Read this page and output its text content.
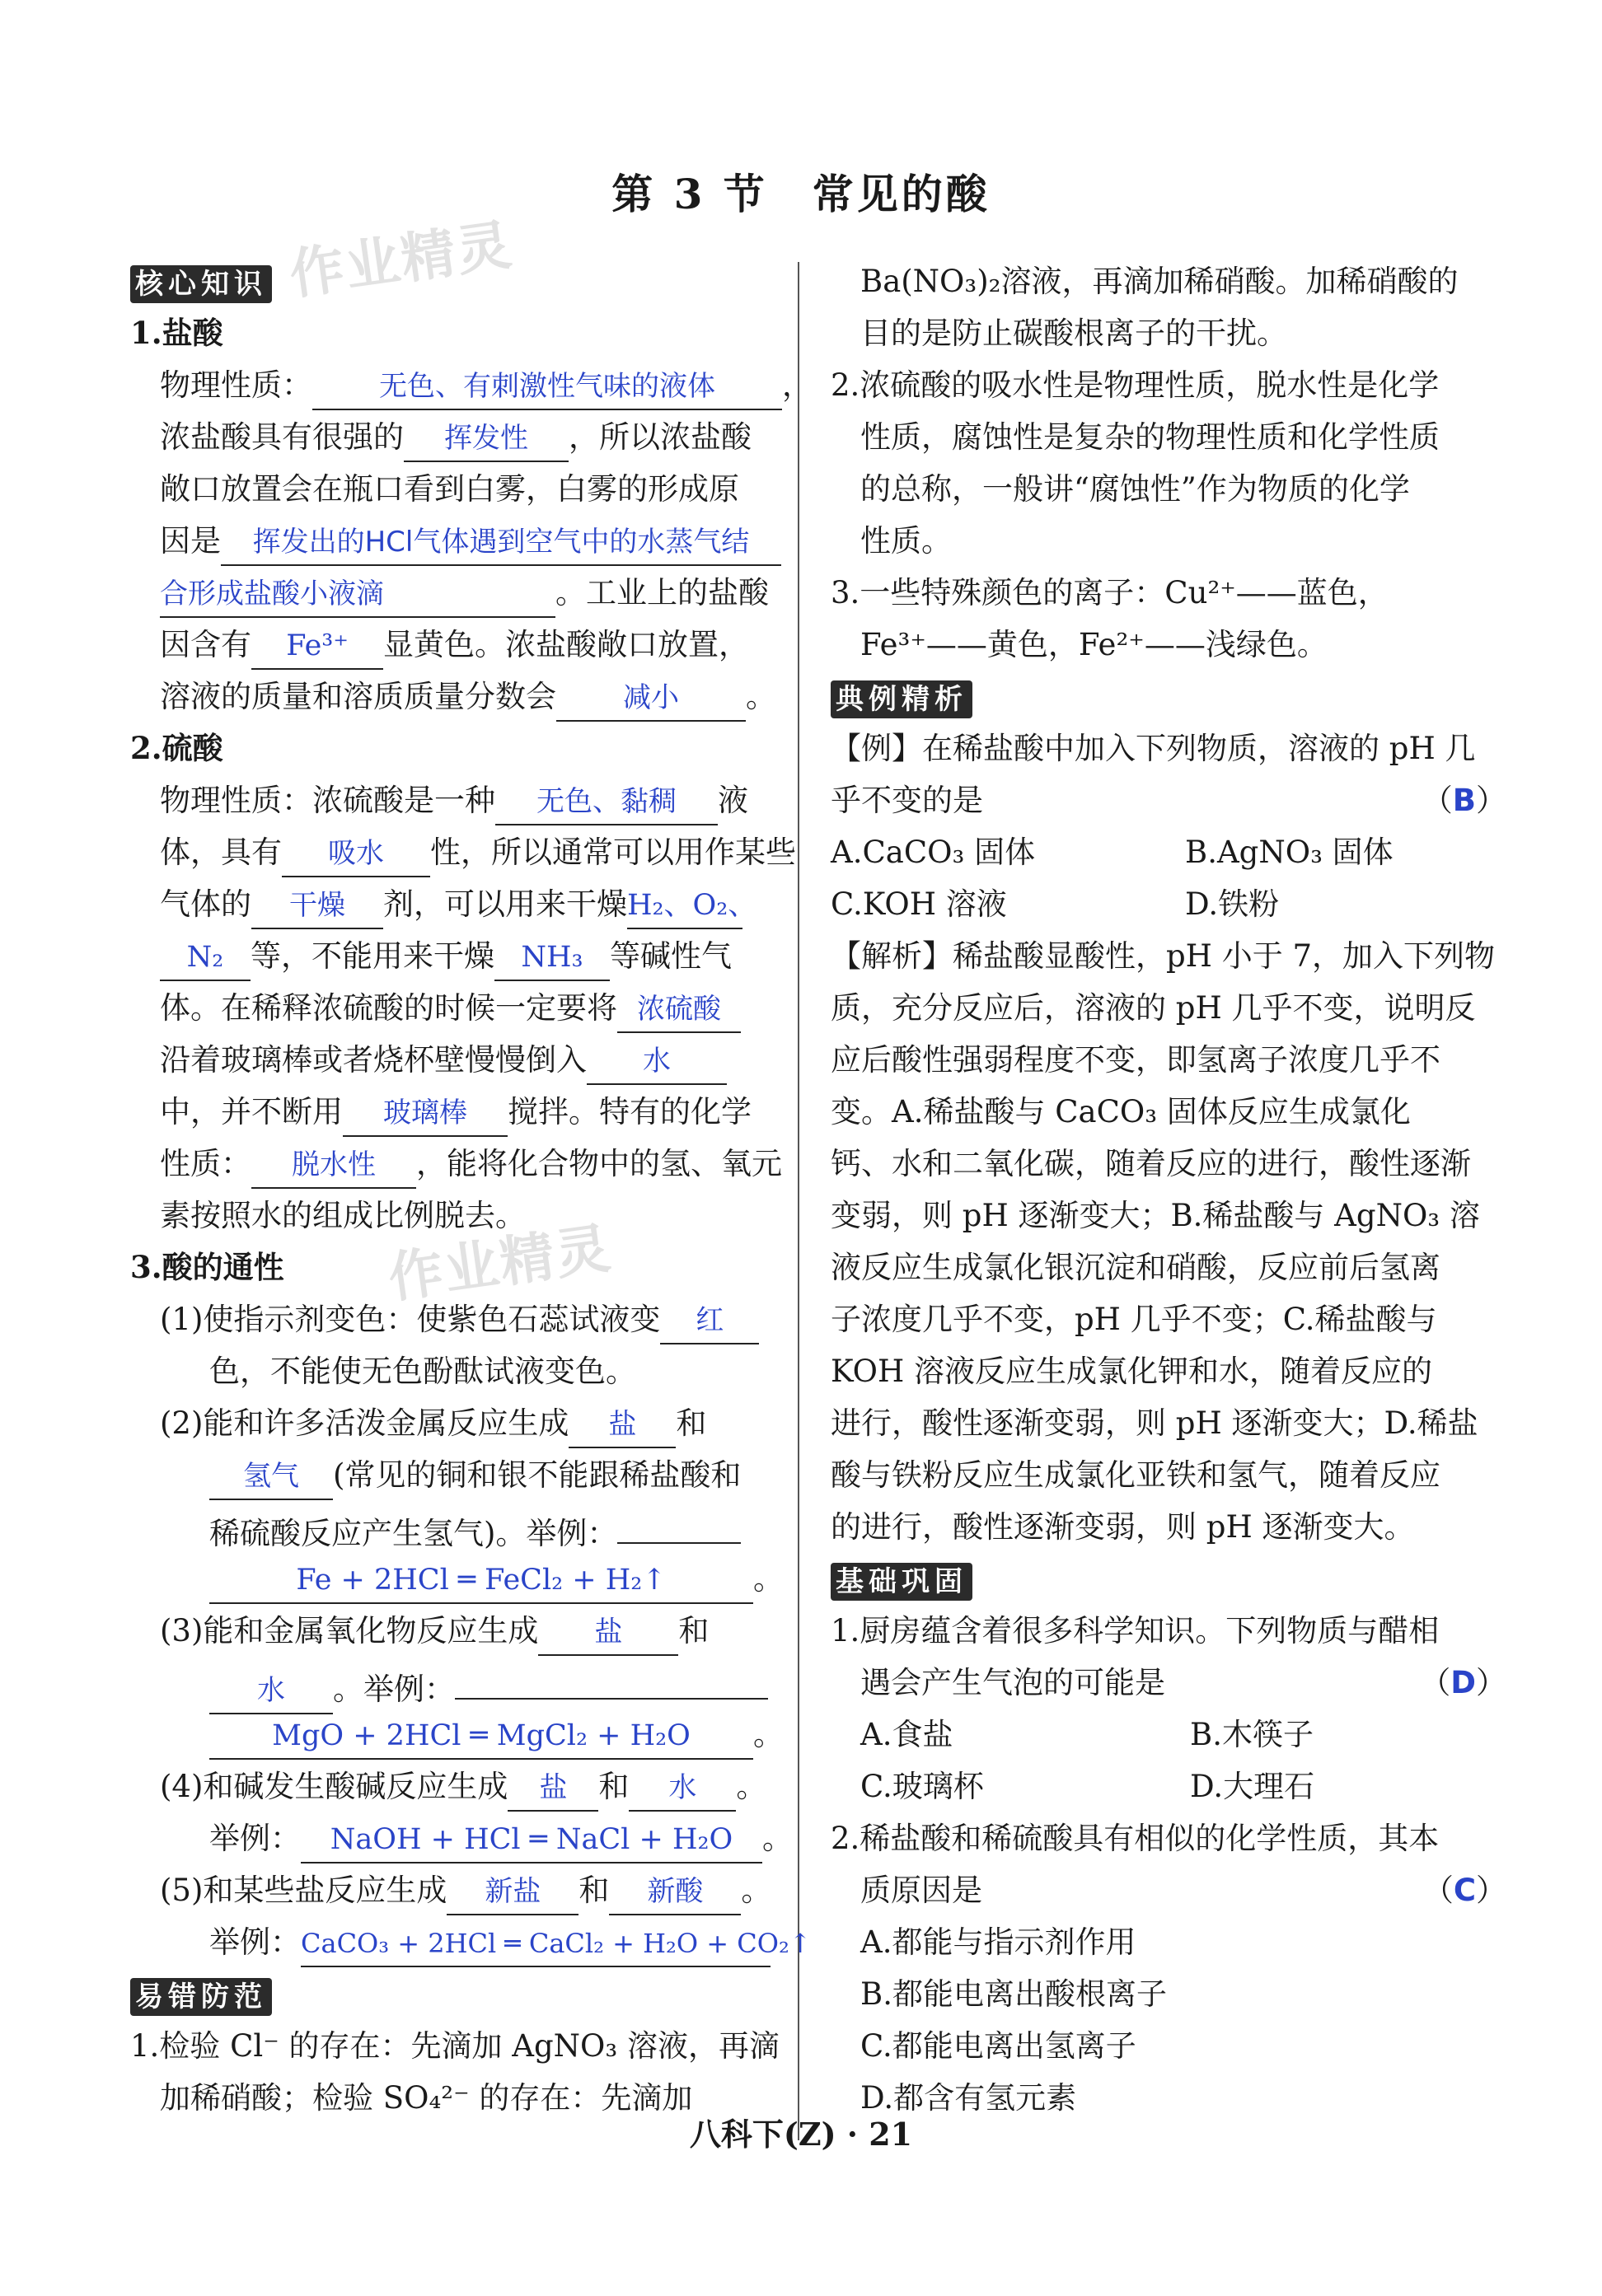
第 3 节　常见的酸
作业精灵
作业精灵
核心知识
1.盐酸
物理性质： 无色、有刺激性气味的液体 ，
浓盐酸具有很强的 挥发性 ，所以浓盐酸
敞口放置会在瓶口看到白雾，白雾的形成原
因是 挥发出的HCl气体遇到空气中的水蒸气结
合形成盐酸小液滴	。工业上的盐酸
因含有 Fe³⁺ 显黄色。浓盐酸敞口放置，
溶液的质量和溶质质量分数会 减小 。
2.硫酸
物理性质：浓硫酸是一种 无色、黏稠 液
体，具有 吸水 性，所以通常可以用作某些
气体的 干燥 剂，可以用来干燥H₂、O₂、
N₂ 等，不能用来干燥 NH₃ 等碱性气
体。在稀释浓硫酸的时候一定要将 浓硫酸
沿着玻璃棒或者烧杯壁慢慢倒入 水
中，并不断用 玻璃棒 搅拌。特有的化学
性质： 脱水性 ，能将化合物中的氢、氧元
素按照水的组成比例脱去。
3.酸的通性
(1)使指示剂变色：使紫色石蕊试液变 红
色，不能使无色酚酞试液变色。
(2)能和许多活泼金属反应生成 盐 和
氢气 (常见的铜和银不能跟稀盐酸和
稀硫酸反应产生氢气)。举例：
Fe + 2HCl ═ FeCl₂ + H₂↑	。
(3)能和金属氧化物反应生成 盐 和
水 。举例：
MgO + 2HCl ═ MgCl₂ + H₂O 。
(4)和碱发生酸碱反应生成 盐 和 水 。
举例： NaOH + HCl ═ NaCl + H₂O 。
(5)和某些盐反应生成 新盐 和 新酸 。
举例：CaCO₃ + 2HCl ═ CaCl₂ + H₂O + CO₂↑
易错防范
1.检验 Cl⁻ 的存在：先滴加 AgNO₃ 溶液，再滴
加稀硝酸；检验 SO₄²⁻ 的存在：先滴加
Ba(NO₃)₂溶液，再滴加稀硝酸。加稀硝酸的
目的是防止碳酸根离子的干扰。
2.浓硫酸的吸水性是物理性质，脱水性是化学
性质，腐蚀性是复杂的物理性质和化学性质
的总称，一般讲“腐蚀性”作为物质的化学
性质。
3.一些特殊颜色的离子：Cu²⁺——蓝色，
Fe³⁺——黄色，Fe²⁺——浅绿色。
典例精析
【例】在稀盐酸中加入下列物质，溶液的 pH 几
乎不变的是	（B）
A.CaCO₃ 固体	B.AgNO₃ 固体
C.KOH 溶液	D.铁粉
【解析】稀盐酸显酸性，pH 小于 7，加入下列物
质，充分反应后，溶液的 pH 几乎不变，说明反
应后酸性强弱程度不变，即氢离子浓度几乎不
变。A.稀盐酸与 CaCO₃ 固体反应生成氯化
钙、水和二氧化碳，随着反应的进行，酸性逐渐
变弱，则 pH 逐渐变大；B.稀盐酸与 AgNO₃ 溶
液反应生成氯化银沉淀和硝酸，反应前后氢离
子浓度几乎不变，pH 几乎不变；C.稀盐酸与
KOH 溶液反应生成氯化钾和水，随着反应的
进行，酸性逐渐变弱，则 pH 逐渐变大；D.稀盐
酸与铁粉反应生成氯化亚铁和氢气，随着反应
的进行，酸性逐渐变弱，则 pH 逐渐变大。
基础巩固
1.厨房蕴含着很多科学知识。下列物质与醋相
遇会产生气泡的可能是	（D）
A.食盐	B.木筷子
C.玻璃杯	D.大理石
2.稀盐酸和稀硫酸具有相似的化学性质，其本
质原因是	（C）
A.都能与指示剂作用
B.都能电离出酸根离子
C.都能电离出氢离子
D.都含有氢元素
八科下(Z) · 21
